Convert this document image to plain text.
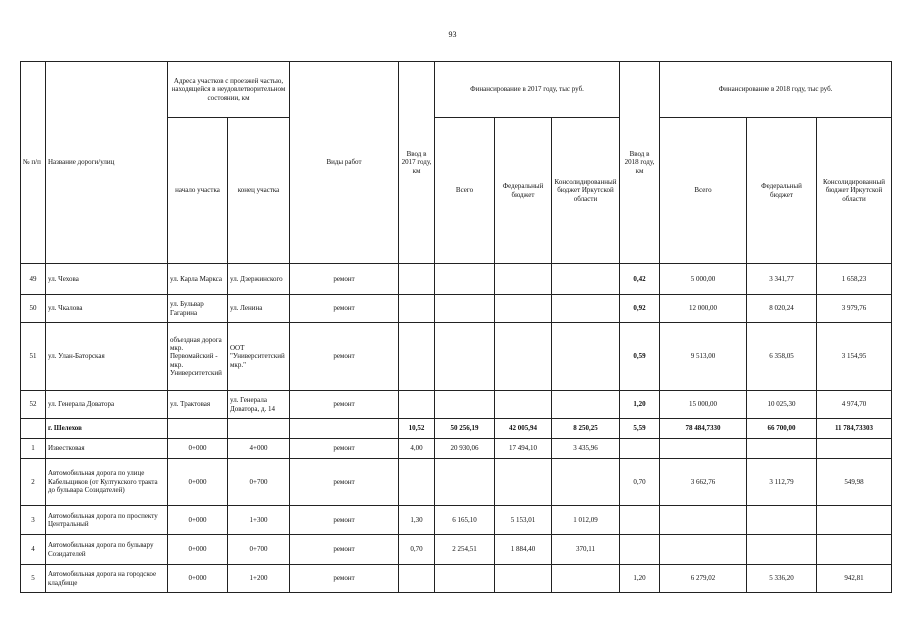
93
№ п/п	Название дороги/улиц	Адреса участков с проезжей частью, находящейся в неудовлетворительном состоянии, км		Виды работ	Ввод в 2017 году, км	Финансирование в 2017 году, тыс руб.			Ввод в 2018 году, км	Финансирование в 2018 году, тыс руб.		
		начало участка	конец участка			Всего	Федеральный бюджет	Консолидированный бюджет Иркутской области		Всего	Федеральный бюджет	Консолидированный бюджет Иркутской области
49	ул. Чехова	ул. Карла Маркса	ул. Дзержинского	ремонт					0,42	5 000,00	3 341,77	1 658,23
50	ул. Чкалова	ул. Бульвар Гагарина	ул. Ленина	ремонт					0,92	12 000,00	8 020,24	3 979,76
51	ул. Улан-Баторская	объездная дорога мкр. Первомайский - мкр. Университетский	ООТ "Университетский мкр."	ремонт					0,59	9 513,00	6 358,05	3 154,95
52	ул. Генерала Доватора	ул. Трактовая	ул. Генерала Доватора, д. 14	ремонт					1,20	15 000,00	10 025,30	4 974,70
	г. Шелехов				10,52	50 256,19	42 005,94	8 250,25	5,59	78 484,7330	66 700,00	11 784,73303
1	Известковая	0+000	4+000	ремонт	4,00	20 930,06	17 494,10	3 435,96				
2	Автомобильная дорога по улице Кабельщиков (от Култукского тракта до бульвара Созидателей)	0+000	0+700	ремонт					0,70	3 662,76	3 112,79	549,98
3	Автомобильная дорога по проспекту Центральный	0+000	1+300	ремонт	1,30	6 165,10	5 153,01	1 012,09				
4	Автомобильная дорога по бульвару Созидателей	0+000	0+700	ремонт	0,70	2 254,51	1 884,40	370,11				
5	Автомобильная дорога на городское кладбище	0+000	1+200	ремонт					1,20	6 279,02	5 336,20	942,81
